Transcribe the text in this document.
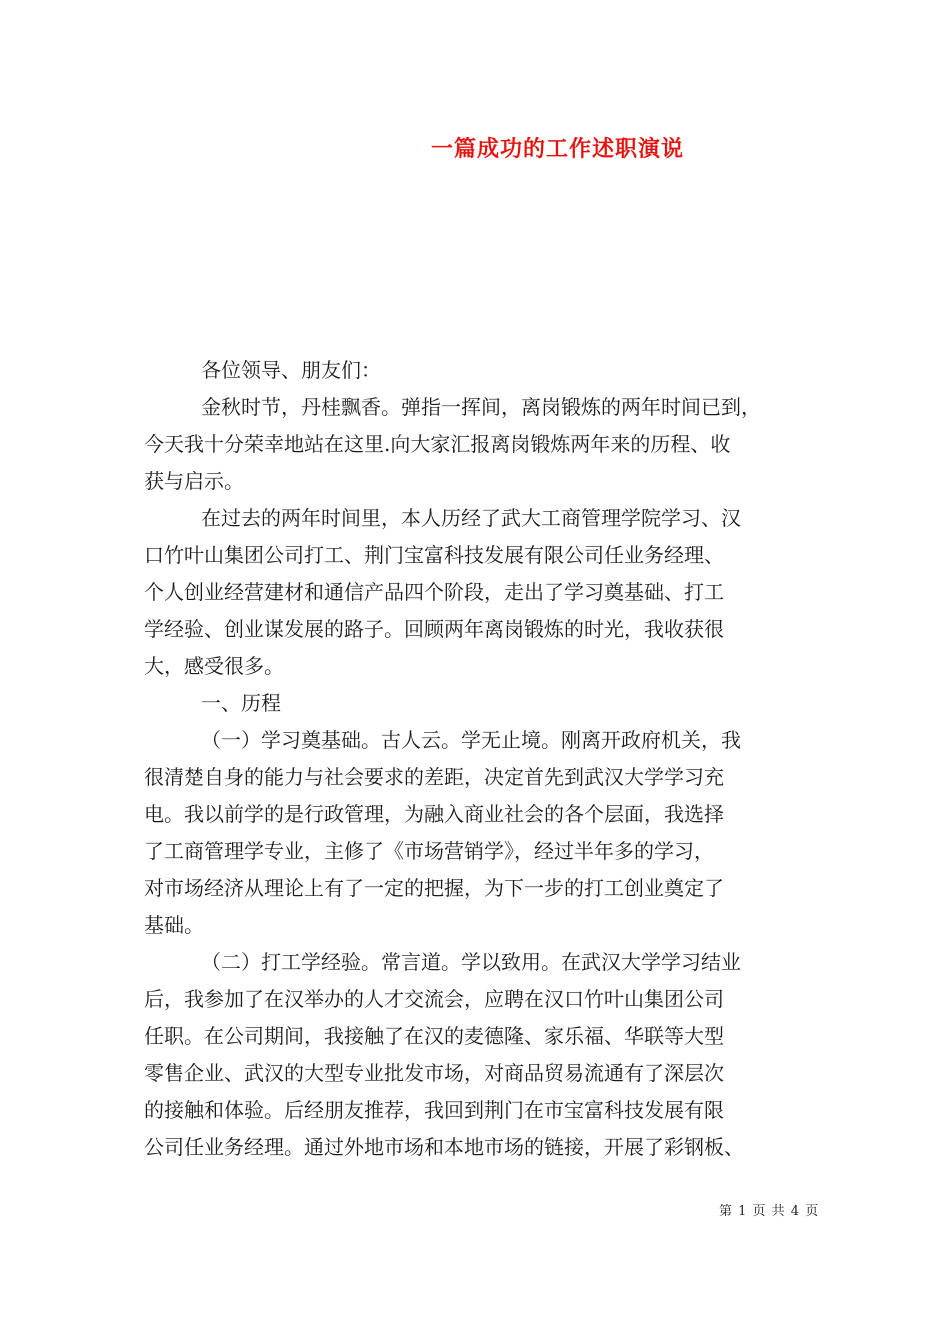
一篇成功的工作述职演说
各位领导、朋友们：
金秋时节，丹桂飘香。弹指一挥间，离岗锻炼的两年时间已到，
今天我十分荣幸地站在这里.向大家汇报离岗锻炼两年来的历程、收
获与启示。
在过去的两年时间里，本人历经了武大工商管理学院学习、汉
口竹叶山集团公司打工、荆门宝富科技发展有限公司任业务经理、
个人创业经营建材和通信产品四个阶段，走出了学习奠基础、打工
学经验、创业谋发展的路子。回顾两年离岗锻炼的时光，我收获很
大，感受很多。
一、历程
（一）学习奠基础。古人云。学无止境。刚离开政府机关，我
很清楚自身的能力与社会要求的差距，决定首先到武汉大学学习充
电。我以前学的是行政管理，为融入商业社会的各个层面，我选择
了工商管理学专业，主修了《市场营销学》，经过半年多的学习，
对市场经济从理论上有了一定的把握，为下一步的打工创业奠定了
基础。
（二）打工学经验。常言道。学以致用。在武汉大学学习结业
后，我参加了在汉举办的人才交流会，应聘在汉口竹叶山集团公司
任职。在公司期间，我接触了在汉的麦德隆、家乐福、华联等大型
零售企业、武汉的大型专业批发市场，对商品贸易流通有了深层次
的接触和体验。后经朋友推荐，我回到荆门在市宝富科技发展有限
公司任业务经理。通过外地市场和本地市场的链接，开展了彩钢板、
第 1 页 共 4 页
